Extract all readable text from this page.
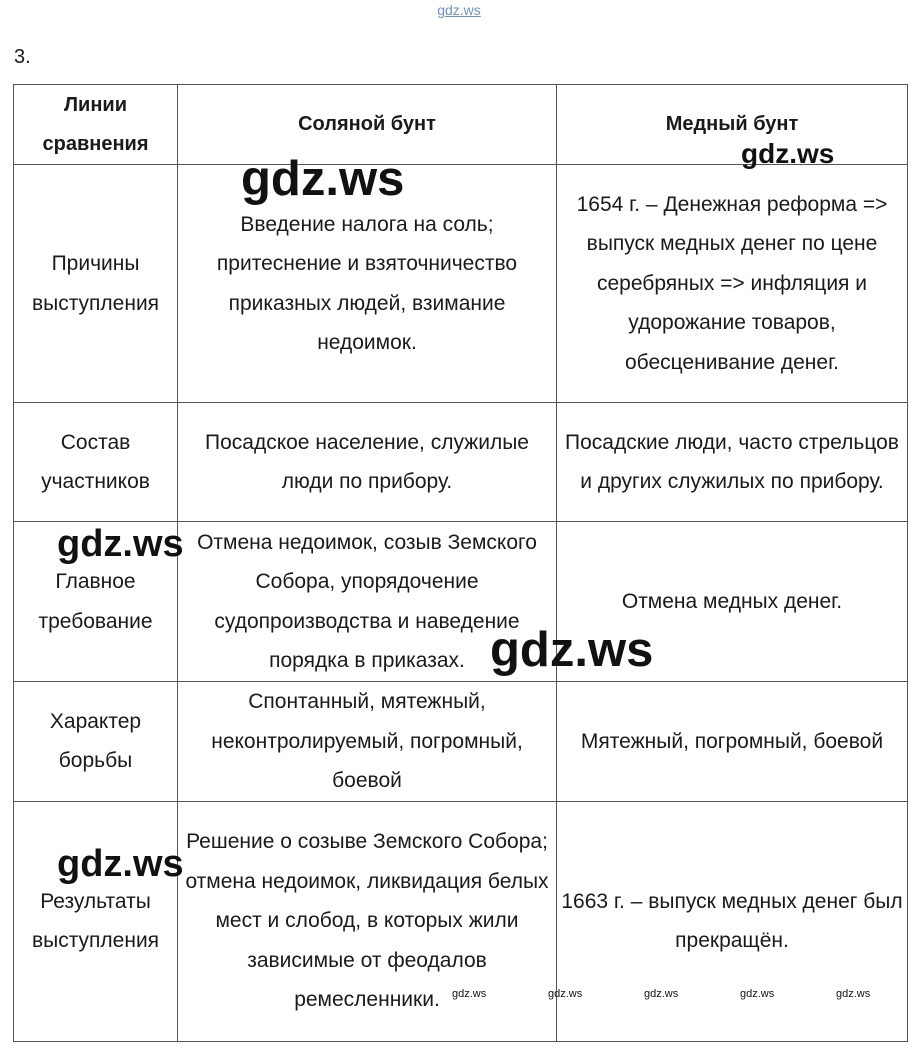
gdz.ws
3.
Линии сравнения	Соляной бунт	Медный бунт
Причины выступления	Введение налога на соль; притеснение и взяточничество приказных людей, взимание недоимок.	1654 г. – Денежная реформа => выпуск медных денег по цене серебряных => инфляция и удорожание товаров, обесценивание денег.
Состав участников	Посадское население, служилые люди по прибору.	Посадские люди, часто стрельцов и других служилых по прибору.
Главное требование	Отмена недоимок, созыв Земского Собора, упорядочение судопроизводства и наведение порядка в приказах.	Отмена медных денег.
Характер борьбы	Спонтанный, мятежный, неконтролируемый, погромный, боевой	Мятежный, погромный, боевой
Результаты выступления	Решение о созыве Земского Собора; отмена недоимок, ликвидация белых мест и слобод, в которых жили зависимые от феодалов ремесленники.	1663 г. – выпуск медных денег был прекращён.
gdz.ws	gdz.ws
gdz.ws
gdz.ws
gdz.ws
gdz.ws	gdz.ws	gdz.ws	gdz.ws	gdz.ws
